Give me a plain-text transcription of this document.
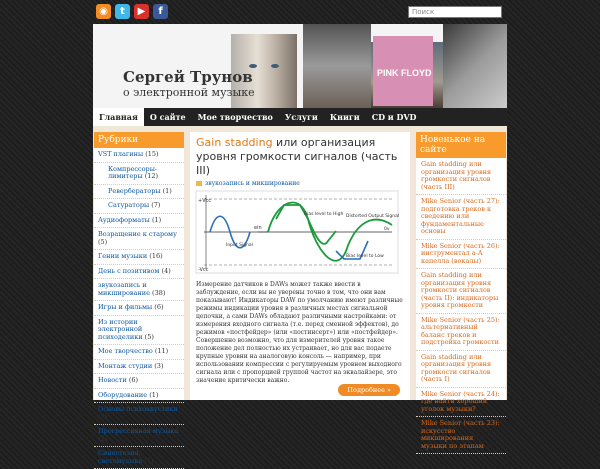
◉	t	▶	f	Поиск
PINK FLOYD
Сергей Трунов
о электронной музыке
Главная	О сайте	Мое творчество	Услуги	Книги	CD и DVD
Рубрики
VST плагины (15)
Компрессоры-лимитеры (12)
Ревербераторы (1)
Сатураторы (7)
Аудиоформаты (1)
Возращение к старому (5)
Гении музыки (16)
День с позитивом (4)
звукозапись и микширование (38)
Игры и фильмы (6)
Из истории электронной психоделики (5)
Мое творчество (11)
Монтаж студии (3)
Новости (6)
Оборудование (1)
Основы психоакустики (7)
Прогрессивная музыка (2)
Синестезия, светомузыка (1)
Gain stadding или организация уровня громкости сигналов (часть III)
звукозапись и микширование
+Vcc
-Vcc
ein
Input Signal
Bias level to High Distorted Output Signal
Bias level to Low
0v
Измерение датчиков в DAWs может также ввести в заблуждение, если вы не уверены точно в том, что они вам показывают! Индикаторы DAW по умолчанию имеют различные режимы индикации уровня в различных местах сигнальной цепочки, а сами DAWs обладают различными настройками: от измерения входного сигнала (т.е. перед сменной эффектов), до режимов «постфейдер» (или «постинсерт») или «постфейдер». Совершенно возможно, что для измерителей уровня такое положение дел полностью их устраивает, но для вас подаете крупные уровни на аналоговую консоль — например, при использовании компрессии с регулируемым уровнем выходного сигнала или с пропорцией группой частот на эквалайзере, это значение критически важно.
Подробнее »
Новенькое на сайте
Gain stadding или организация уровня громкости сигналов (часть III)
Mike Senior (часть 27): подготовка треков к сведению или фундаментальные основы
Mike Senior (часть 26): инструментал a-A капелла (вокалы)
Gain stadding или организация уровня громкости сигналов (часть II): индикаторы уровня громкости
Mike Senior (часть 25): альтернативный баланс треков и подстройка громкости
Gain stadding или организация уровня громкости сигналов (часть I)
Mike Senior (часть 24): где найти хороший уголок музыки?
Mike Senior (часть 23): искусство микширования музыки по этапам
